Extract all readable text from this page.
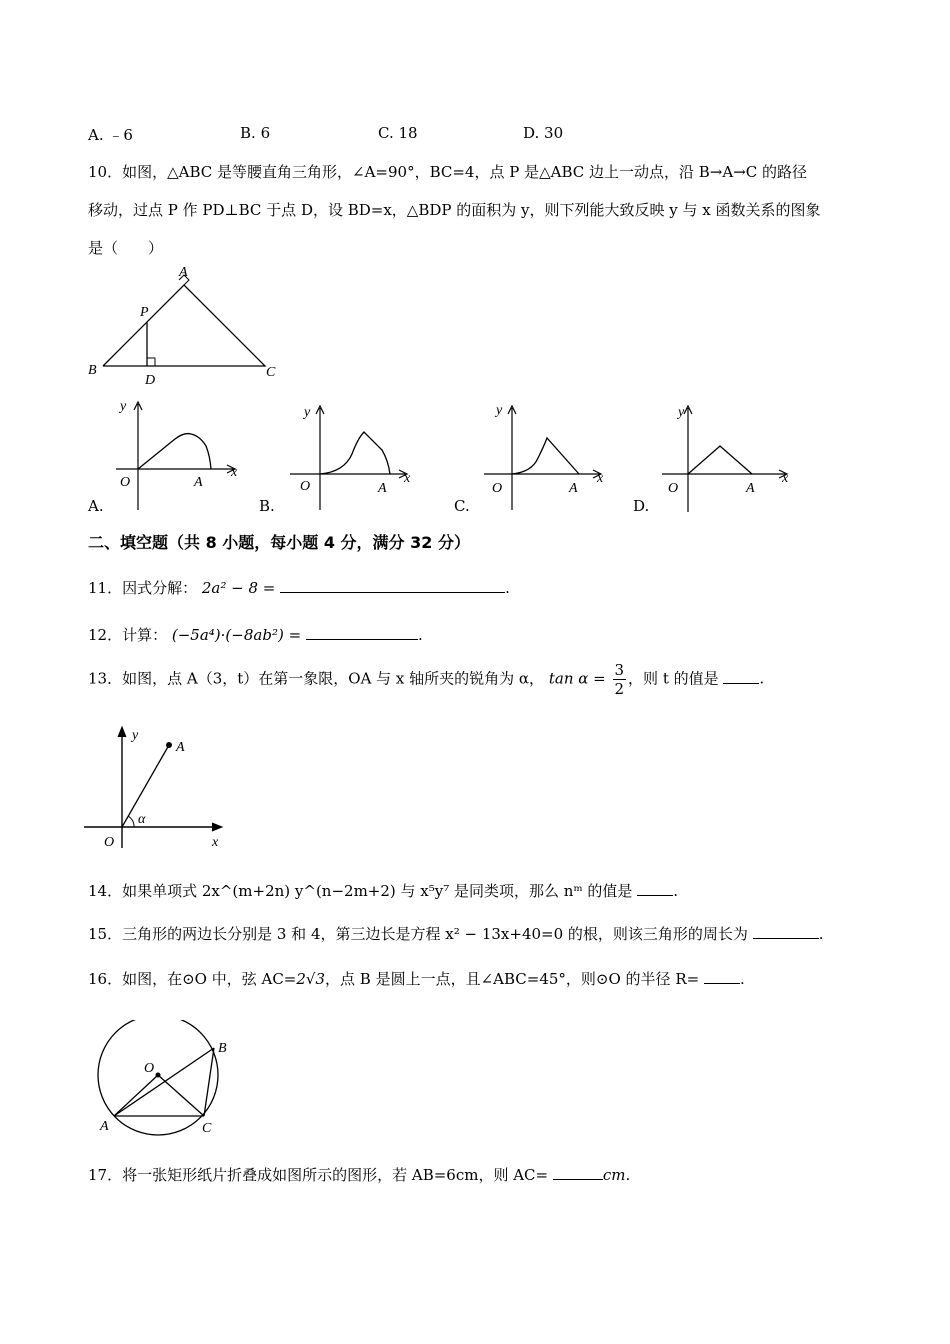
A. ﹣6	B. 6	C. 18	D. 30
10．如图，△ABC 是等腰直角三角形，∠A=90°，BC=4，点 P 是△ABC 边上一动点，沿 B→A→C 的路径
移动，过点 P 作 PD⊥BC 于点 D，设 BD=x，△BDP 的面积为 y，则下列能大致反映 y 与 x 函数关系的图象
是（　　）
A
B	C
P
D
y
x
O	A
A.
y
x
O	A
B.
y
x
O	A
C.
y
x
O	A
D.
二、填空题（共 8 小题，每小题 4 分，满分 32 分）
11．因式分解： 2a² − 8 =	.
12．计算： (−5a⁴)·(−8ab²) =	.
13．如图，点 A（3，t）在第一象限，OA 与 x 轴所夹的锐角为 α， $\tan \alpha = \frac{3}{2}$ ，则 t 的值是	.
y
x
O
A
α
14．如果单项式 2x^(m+2n) y^(n−2m+2) 与 x⁵y⁷ 是同类项，那么 nᵐ 的值是	.
15．三角形的两边长分别是 3 和 4，第三边长是方程 x² − 13x+40=0 的根，则该三角形的周长为	.
16．如图，在⊙O 中，弦 AC=2√3，点 B 是圆上一点，且∠ABC=45°，则⊙O 的半径 R=	.
O
A
B
C
17．将一张矩形纸片折叠成如图所示的图形，若 AB=6cm，则 AC=	cm.
